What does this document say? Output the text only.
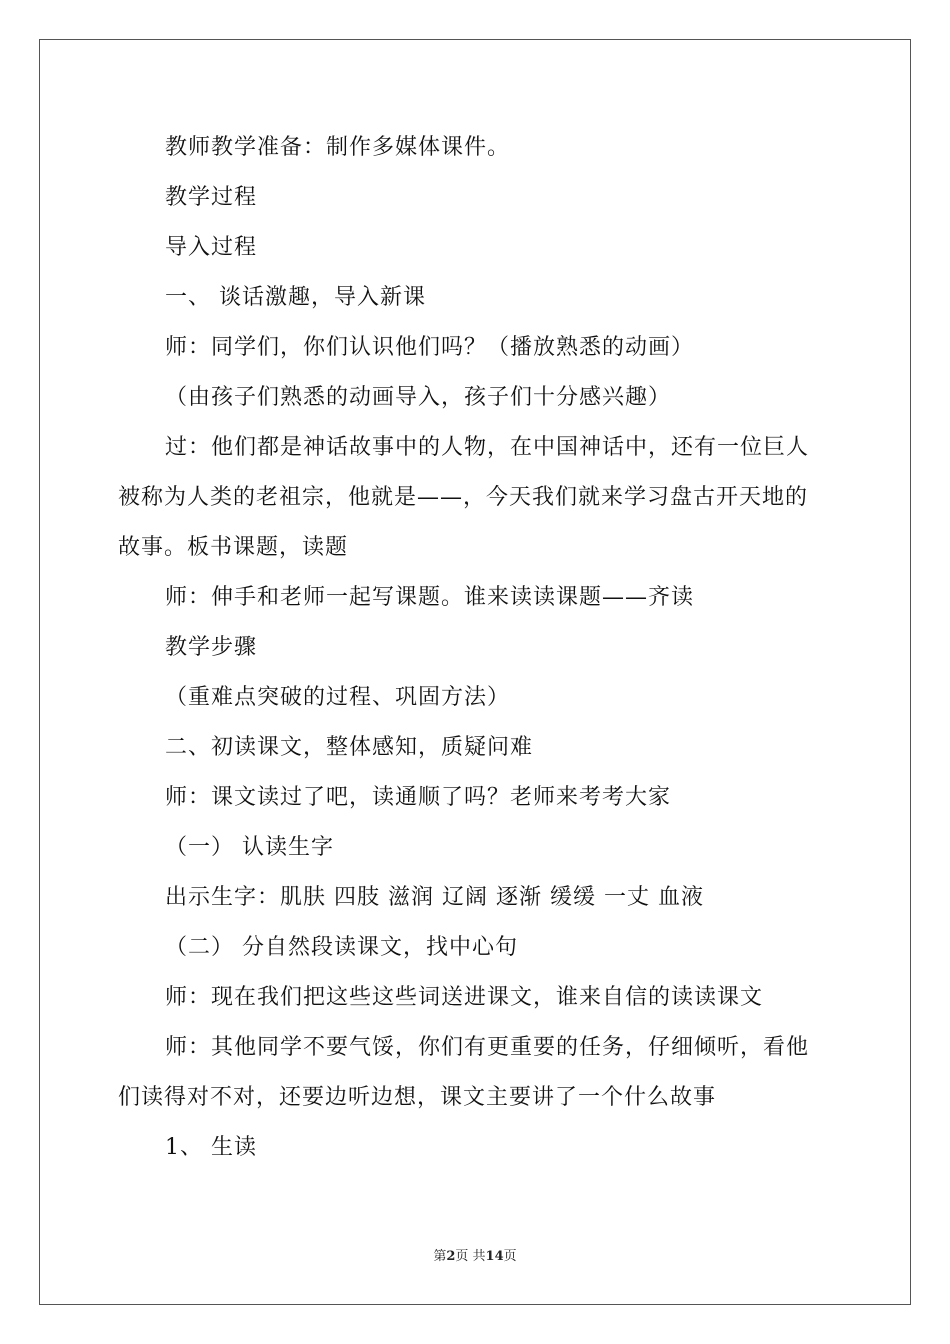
教师教学准备：制作多媒体课件。
教学过程
导入过程
一、 谈话激趣，导入新课
师：同学们，你们认识他们吗？（播放熟悉的动画）
（由孩子们熟悉的动画导入，孩子们十分感兴趣）
过：他们都是神话故事中的人物，在中国神话中，还有一位巨人
被称为人类的老祖宗，他就是——，今天我们就来学习盘古开天地的
故事。板书课题，读题
师：伸手和老师一起写课题。谁来读读课题——齐读
教学步骤
（重难点突破的过程、巩固方法）
二、初读课文，整体感知，质疑问难
师：课文读过了吧，读通顺了吗？老师来考考大家
（一） 认读生字
出示生字：肌肤 四肢 滋润 辽阔 逐渐 缓缓 一丈 血液
（二） 分自然段读课文，找中心句
师：现在我们把这些这些词送进课文，谁来自信的读读课文
师：其他同学不要气馁，你们有更重要的任务，仔细倾听，看他
们读得对不对，还要边听边想，课文主要讲了一个什么故事
1、 生读
第2页 共14页
